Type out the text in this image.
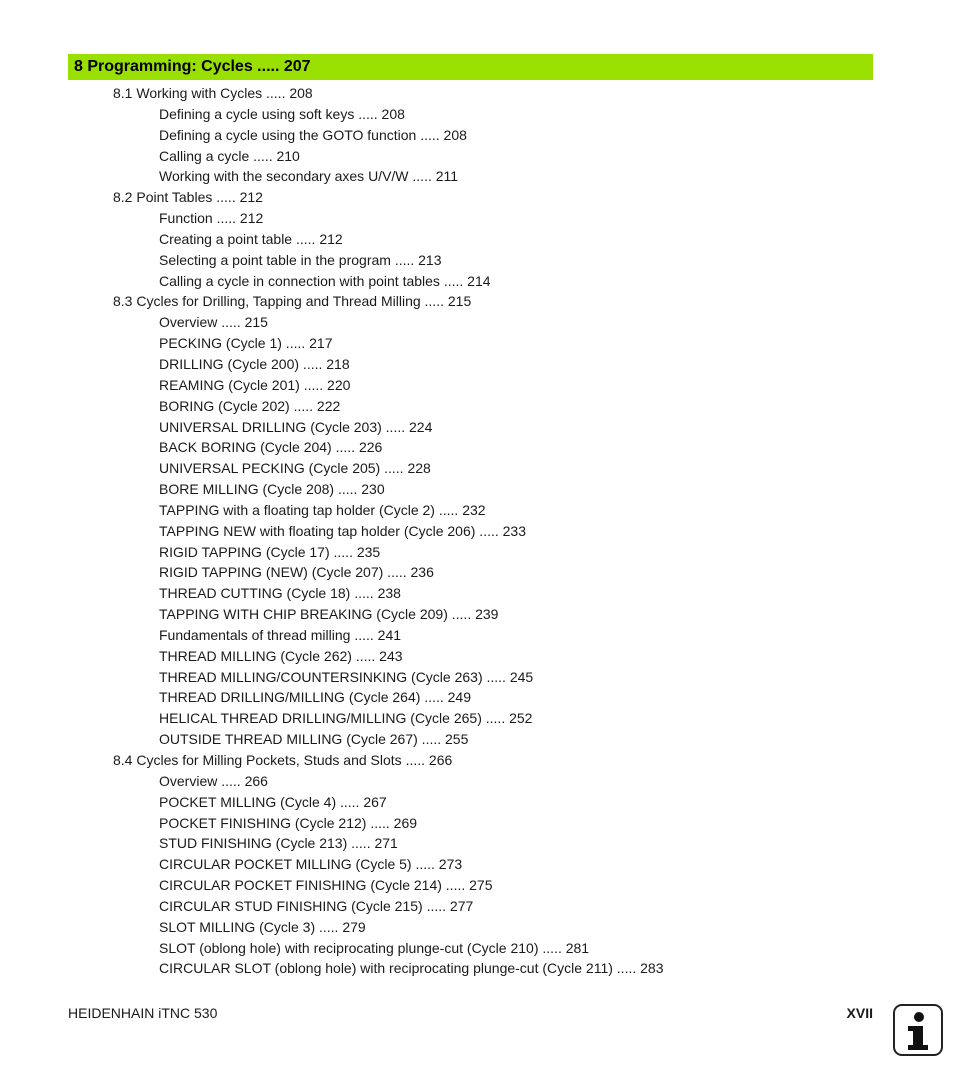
8 Programming: Cycles ..... 207
8.1 Working with Cycles ..... 208
Defining a cycle using soft keys ..... 208
Defining a cycle using the GOTO function ..... 208
Calling a cycle ..... 210
Working with the secondary axes U/V/W ..... 211
8.2 Point Tables ..... 212
Function ..... 212
Creating a point table ..... 212
Selecting a point table in the program ..... 213
Calling a cycle in connection with point tables ..... 214
8.3 Cycles for Drilling, Tapping and Thread Milling ..... 215
Overview ..... 215
PECKING (Cycle 1) ..... 217
DRILLING (Cycle 200) ..... 218
REAMING (Cycle 201) ..... 220
BORING (Cycle 202) ..... 222
UNIVERSAL DRILLING (Cycle 203) ..... 224
BACK BORING (Cycle 204) ..... 226
UNIVERSAL PECKING (Cycle 205) ..... 228
BORE MILLING (Cycle 208) ..... 230
TAPPING with a floating tap holder (Cycle 2) ..... 232
TAPPING NEW with floating tap holder (Cycle 206) ..... 233
RIGID TAPPING (Cycle 17) ..... 235
RIGID TAPPING (NEW) (Cycle 207) ..... 236
THREAD CUTTING (Cycle 18) ..... 238
TAPPING WITH CHIP BREAKING (Cycle 209) ..... 239
Fundamentals of thread milling ..... 241
THREAD MILLING (Cycle 262) ..... 243
THREAD MILLING/COUNTERSINKING (Cycle 263) ..... 245
THREAD DRILLING/MILLING (Cycle 264) ..... 249
HELICAL THREAD DRILLING/MILLING (Cycle 265) ..... 252
OUTSIDE THREAD MILLING (Cycle 267) ..... 255
8.4 Cycles for Milling Pockets, Studs and Slots ..... 266
Overview ..... 266
POCKET MILLING (Cycle 4) ..... 267
POCKET FINISHING (Cycle 212) ..... 269
STUD FINISHING (Cycle 213) ..... 271
CIRCULAR POCKET MILLING (Cycle 5) ..... 273
CIRCULAR POCKET FINISHING (Cycle 214) ..... 275
CIRCULAR STUD FINISHING (Cycle 215) ..... 277
SLOT MILLING (Cycle 3) ..... 279
SLOT (oblong hole) with reciprocating plunge-cut (Cycle 210) ..... 281
CIRCULAR SLOT (oblong hole) with reciprocating plunge-cut (Cycle 211) ..... 283
HEIDENHAIN iTNC 530	XVII
